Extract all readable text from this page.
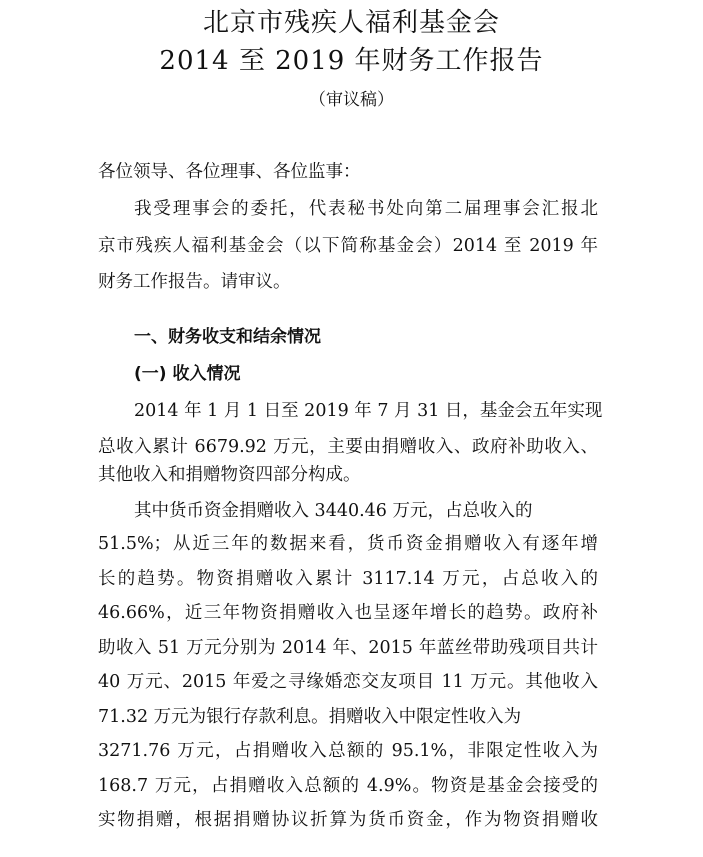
北京市残疾人福利基金会
2014 至 2019 年财务工作报告
（审议稿）
各位领导、各位理事、各位监事：
我受理事会的委托，代表秘书处向第二届理事会汇报北
京市残疾人福利基金会（以下简称基金会）2014 至 2019 年
财务工作报告。请审议。
一、财务收支和结余情况
(一) 收入情况
2014 年 1 月 1 日至 2019 年 7 月 31 日，基金会五年实现
总收入累计 6679.92 万元，主要由捐赠收入、政府补助收入、
其他收入和捐赠物资四部分构成。
其中货币资金捐赠收入 3440.46 万元，占总收入的
51.5%；从近三年的数据来看，货币资金捐赠收入有逐年增
长的趋势。物资捐赠收入累计 3117.14 万元，占总收入的
46.66%，近三年物资捐赠收入也呈逐年增长的趋势。政府补
助收入 51 万元分别为 2014 年、2015 年蓝丝带助残项目共计
40 万元、2015 年爱之寻缘婚恋交友项目 11 万元。其他收入
71.32 万元为银行存款利息。捐赠收入中限定性收入为
3271.76 万元，占捐赠收入总额的 95.1%，非限定性收入为
168.7 万元，占捐赠收入总额的 4.9%。物资是基金会接受的
实物捐赠，根据捐赠协议折算为货币资金，作为物资捐赠收
